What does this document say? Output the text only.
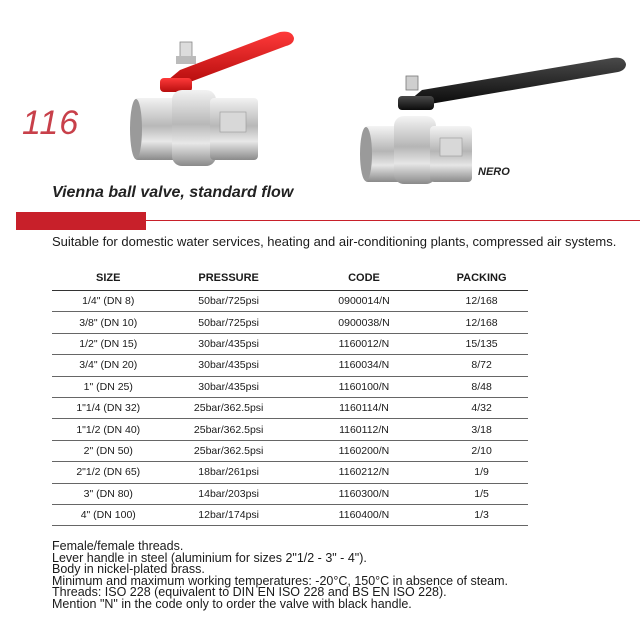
116
NERO
Vienna ball valve, standard flow
Suitable for domestic water services, heating and air-conditioning plants, compressed air systems.
SIZE	PRESSURE	CODE	PACKING
1/4" (DN 8)	50bar/725psi	0900014/N	12/168
3/8" (DN 10)	50bar/725psi	0900038/N	12/168
1/2" (DN 15)	30bar/435psi	1160012/N	15/135
3/4" (DN 20)	30bar/435psi	1160034/N	8/72
1" (DN 25)	30bar/435psi	1160100/N	8/48
1"1/4 (DN 32)	25bar/362.5psi	1160114/N	4/32
1"1/2 (DN 40)	25bar/362.5psi	1160112/N	3/18
2" (DN 50)	25bar/362.5psi	1160200/N	2/10
2"1/2 (DN 65)	18bar/261psi	1160212/N	1/9
3" (DN 80)	14bar/203psi	1160300/N	1/5
4" (DN 100)	12bar/174psi	1160400/N	1/3
Female/female threads.
Lever handle in steel (aluminium for sizes 2"1/2 - 3" - 4").
Body in nickel-plated brass.
Minimum and maximum working temperatures: -20°C, 150°C in absence of steam.
Threads: ISO 228 (equivalent to DIN EN ISO 228 and BS EN ISO 228).
Mention "N" in the code only to order the valve with black handle.
